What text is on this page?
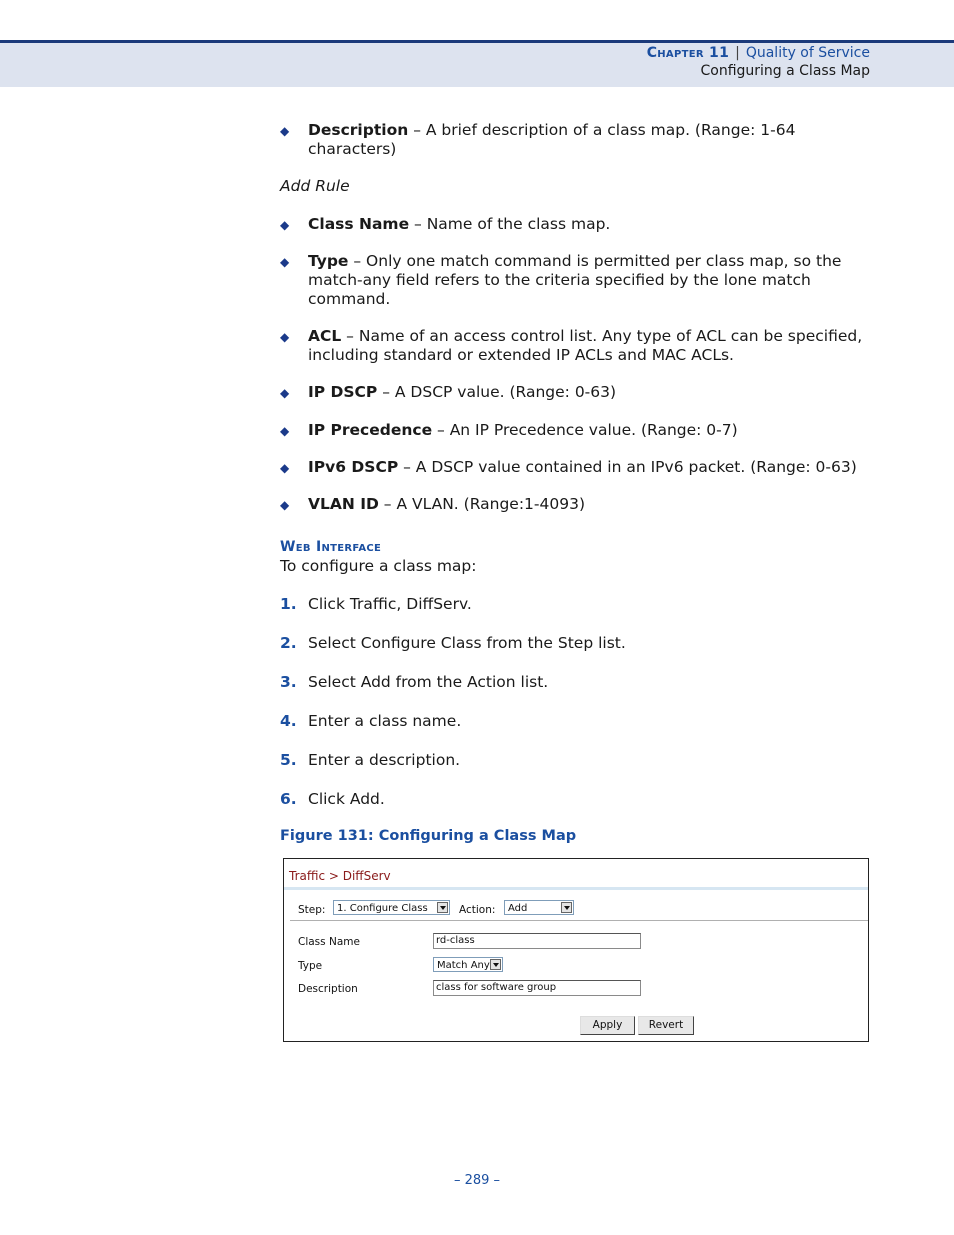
Chapter 11 | Quality of Service
Configuring a Class Map
◆ Description – A brief description of a class map. (Range: 1-64 characters)
Add Rule
◆ Class Name – Name of the class map.
◆ Type – Only one match command is permitted per class map, so the match-any field refers to the criteria specified by the lone match command.
◆ ACL – Name of an access control list. Any type of ACL can be specified, including standard or extended IP ACLs and MAC ACLs.
◆ IP DSCP – A DSCP value. (Range: 0-63)
◆ IP Precedence – An IP Precedence value. (Range: 0-7)
◆ IPv6 DSCP – A DSCP value contained in an IPv6 packet. (Range: 0-63)
◆ VLAN ID – A VLAN. (Range:1-4093)
Web Interface
To configure a class map:
1. Click Traffic, DiffServ.
2. Select Configure Class from the Step list.
3. Select Add from the Action list.
4. Enter a class name.
5. Enter a description.
6. Click Add.
Figure 131: Configuring a Class Map
Traffic > DiffServ
Step:	1. Configure Class	Action:	Add
Class Name	rd-class
Type	Match Any
Description	class for software group
Apply	Revert
– 289 –
